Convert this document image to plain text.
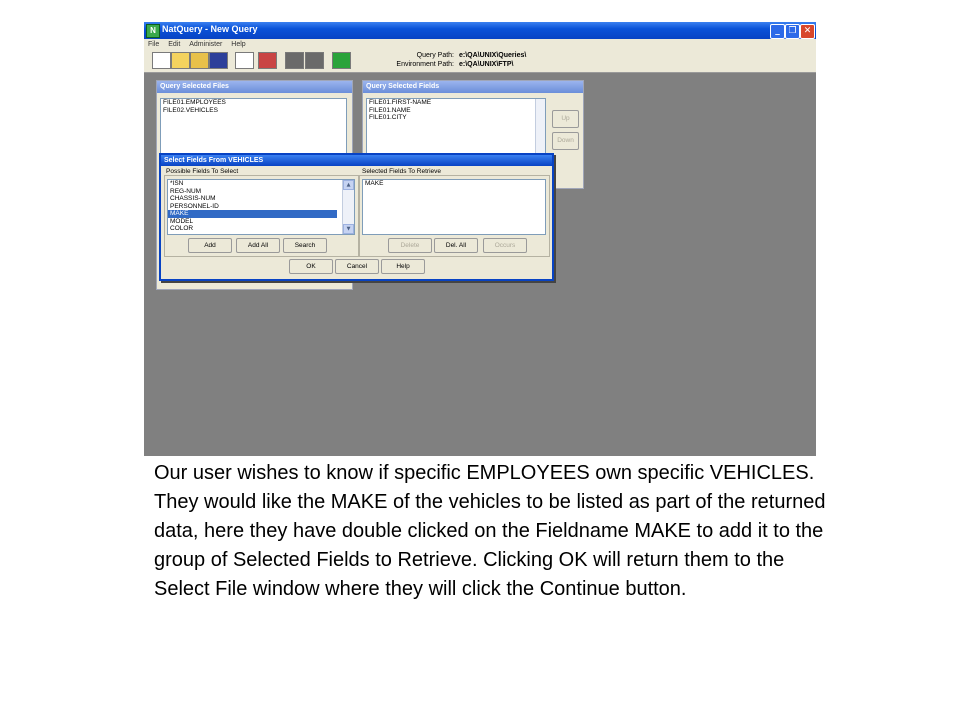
N NatQuery - New Query	_ ❐ ✕
File Edit Administer Help
Query Path: e:\QA\UNIX\Queries\
Environment Path: e:\QA\UNIX\FTP\
Query Selected Files
FILE01.EMPLOYEES
FILE02.VEHICLES
Query Selected Fields
FILE01.FIRST-NAME
FILE01.NAME
FILE01.CITY	Up
Down
Select Fields From VEHICLES
Possible Fields To Select	Selected Fields To Retrieve
*ISN
REG-NUM
CHASSIS-NUM
PERSONNEL-ID
MAKE
MODEL
COLOR
▲
▼
MAKE
Add	Add All	Search	Delete	Del. All	Occurs
OK	Cancel	Help
Our user wishes to know if specific EMPLOYEES own specific VEHICLES. They would like the MAKE of the vehicles to be listed as part of the returned data, here they have double clicked on the Fieldname MAKE to add it to the group of Selected Fields to Retrieve. Clicking OK will return them to the Select File window where they will click the Continue button.
